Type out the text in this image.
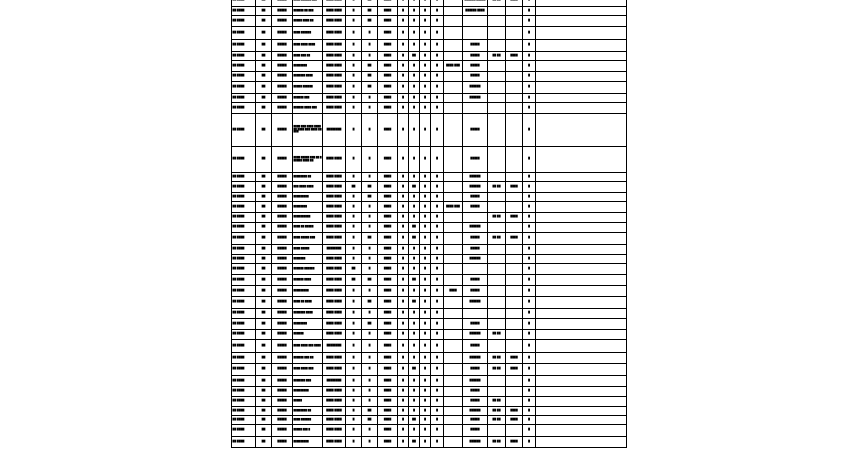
██ ████	██	█████	██████ ██ ███	████ ████	█	██	████	█	█	█	█		██████ ████			█	
██ ████	██	█████	█████ ████ ██	████ ████	█	██	████	█	█	█	█					█	
██ ████	██	█████	████ ██████	████ ████	█	█	████	█	█	█	█					█	
██ ████	██	█████	████ ████ ████	████ ████	█	█	████	█	█	█	█		█████			█	
██ ████	██	█████	████ ███ ██	████ ████	█	█	████	█	██	█	█		█████	██ ██	████	█	
██ ████	██	█████	████████	████ ████	█	██	████	█	█	█	█	████ ███	█████			█	
██ ████	██	█████	███████ ████	████ ████	█	██	████	█	█	█	█		█████			█	
██ ████	██	█████	█████ ██████	████ ████	█	██	████	█	█	█	█		██████			█	
██ ████	██	█████	██████ ███	████ ████	█	█	████	█	█	█	█		██████			█	
██ ████	██	█████	██████ ████ ███	████ ████	█	█	████	█	█	█	█					█	
██ ████	██	█████	████ ███ ████ ██████ ████ ███ ████ █████	████████	█	█	████	█	█	█	█		█████			█	
██ ████	██	█████	████ █████ ███ ██ ██████ ████ ██	████ ████	█	█	████	█	█	█	█		█████			█	
██ ████	██	█████	████████ ██	████ ████	█	█	████	█	█	█	█		██████			█	
██ ████	██	█████	███ ████ ████	████ ████	██	██	████	█	██	█	█		██████	██ ██	████	█	
██ ████	██	█████	█████████	████ ████	█	██	████	█	█	█	█		█████			█	
██ ████	██	█████	████████	████ ████	█	█	████	█	█	█	█	████ ███	█████			█	
██ ████	██	█████	██████████	████ ████	█	█	████	█	█	█	█			██ ██	████	█	
██ ████	██	█████	████ ██ █████	████ ████	█	█	████	█	██	█	█		██████			█	
██ ████	██	█████	████ █████ ███	████ ████	█	██	████	█	██	█	█		█████	██ ██	████	█	
██ ████	██	█████	████ █████	████████	█	█	████	█	█	█	█		█████			█	
██ ████	██	█████	███████	████ ████	█	█	████	█	█	█	█		██████			█	
██ ████	██	█████	██████ ██████	████ ████	██	█	████	█	█	█	█					█	
██ ████	██	█████	██████ ████	████ ████	██	██	████	█	██	█	█		█████			█	
██ ████	██	█████	█████████	████ ████	█	█	████	█	█	█	█	████	█████			█	
██ ████	██	█████	████ ██ ████	████ ████	█	██	████	█	██	█	█		██████			█	
██ ████	██	█████	███████ ████	████ ████	█	█	████	█	█	█	█					█	
██ ████	██	█████	████████	████ ████	█	██	████	█	█	█	█		█████			█	
██ ████	██	█████	██████	████ ████	█	█	████	█	█	█	█		██████	██ ██		█	
██ ████	██	█████	████ ████ ███ ████	████████	█	█	████	█	█	█	█		█████			█	
██ ████	██	█████	██████ ███ ██	████ ████	█	█	████	█	█	█	█		██████	██ ██	████	█	
██ ████	██	█████	████ ████ ███	████ ████	█	█	████	█	██	█	█		█████	██ ██	████	█	
██ ████	██	█████	███████ ███	████████	█	█	████	█	█	█	█		██████			█	
██ ████	██	█████	█████████	████ ████	█	█	████	█	█	█	█		█████			█	
██ ████	██	█████	█████	████ ████	█	█	████	█	█	█	█		█████	██ ██		█	
██ ████	██	█████	████████ ██	████ ████	█	██	████	█	█	█	█		██████	██ ██	████	█	
██ ████	██	█████	████ ██████	████ ████	█	██	████	█	██	█	█		█████	██ ██	████	█	
██ ████	██	█████	█████ ███ █	████ ████	█	█	████	█	█	█	█		█████			█	
██ ████	██	█████	█████████	████ ████	█	█	████	█	██	█	█		██████	██ ██	████	█	
